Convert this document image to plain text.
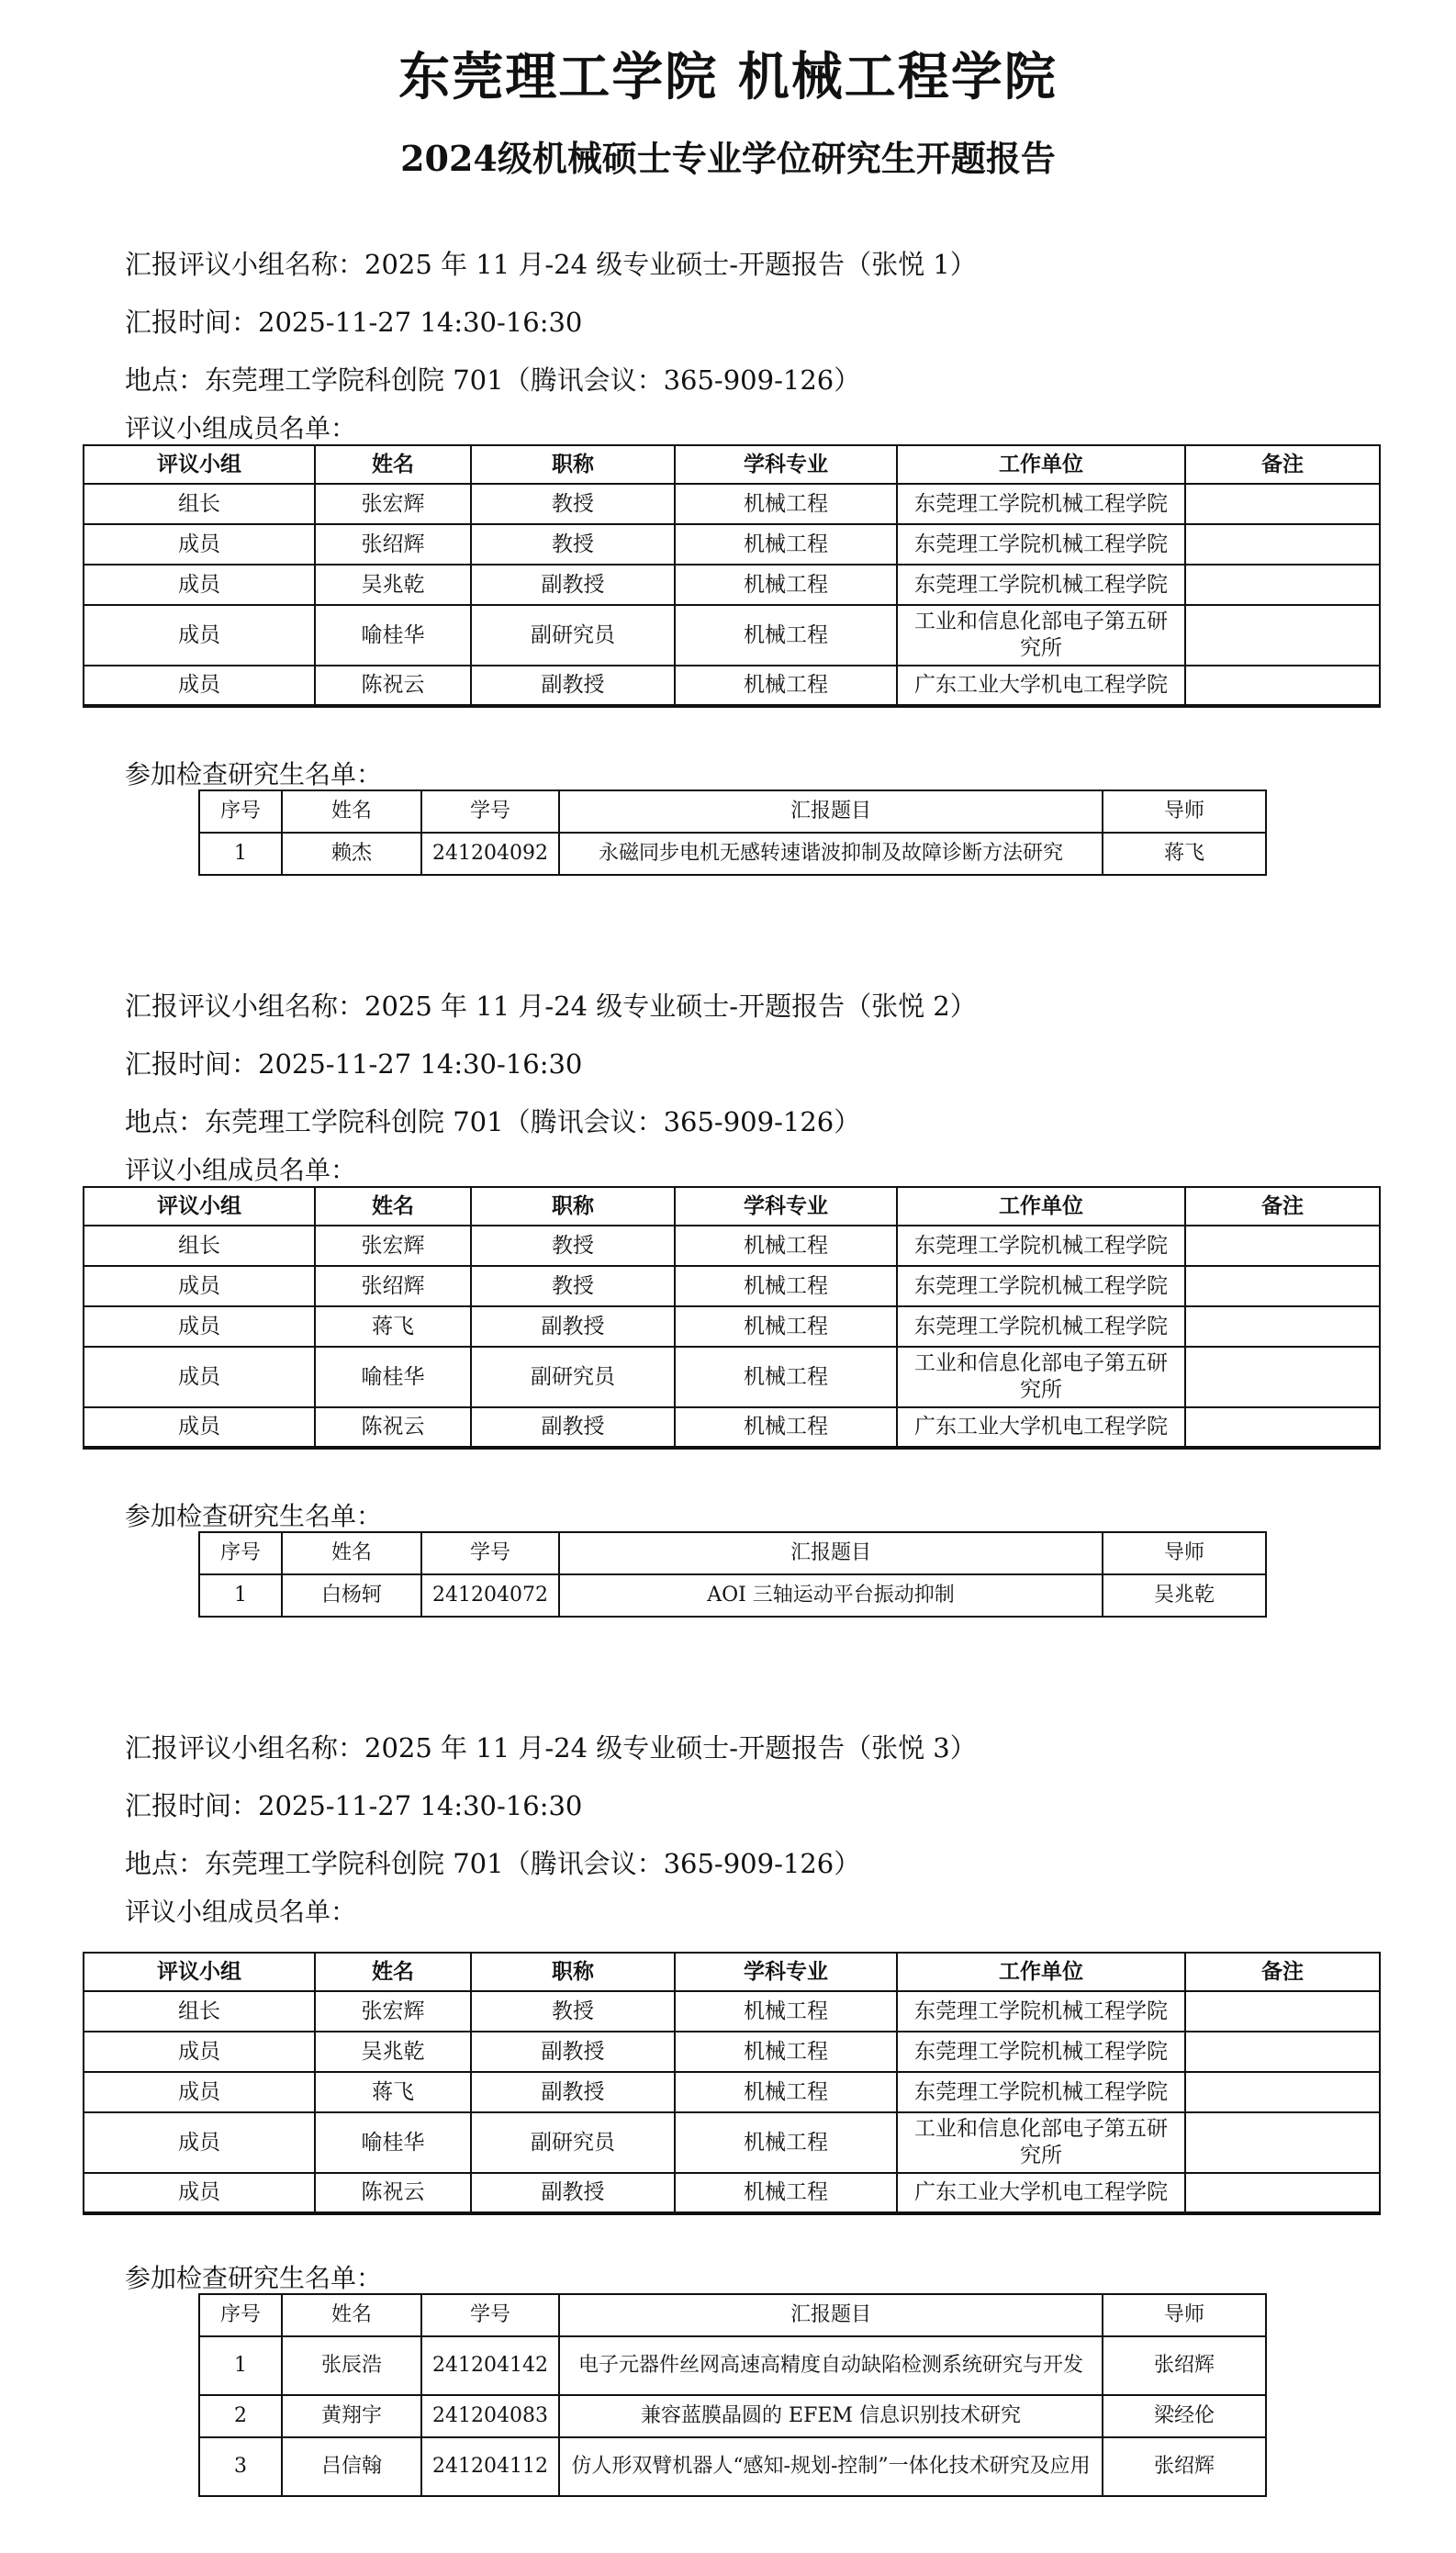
东莞理工学院 机械工程学院
2024级机械硕士专业学位研究生开题报告
汇报评议小组名称：2025 年 11 月-24 级专业硕士-开题报告（张悦 1）
汇报时间：2025-11-27 14:30-16:30
地点：东莞理工学院科创院 701（腾讯会议：365-909-126）
评议小组成员名单：
评议小组	姓名	职称	学科专业	工作单位	备注
组长	张宏辉	教授	机械工程	东莞理工学院机械工程学院	
成员	张绍辉	教授	机械工程	东莞理工学院机械工程学院	
成员	吴兆乾	副教授	机械工程	东莞理工学院机械工程学院	
成员	喻桂华	副研究员	机械工程	工业和信息化部电子第五研究所	
成员	陈祝云	副教授	机械工程	广东工业大学机电工程学院	
参加检查研究生名单：
序号	姓名	学号	汇报题目	导师
1	赖杰	241204092	永磁同步电机无感转速谐波抑制及故障诊断方法研究	蒋飞
汇报评议小组名称：2025 年 11 月-24 级专业硕士-开题报告（张悦 2）
汇报时间：2025-11-27 14:30-16:30
地点：东莞理工学院科创院 701（腾讯会议：365-909-126）
评议小组成员名单：
评议小组	姓名	职称	学科专业	工作单位	备注
组长	张宏辉	教授	机械工程	东莞理工学院机械工程学院	
成员	张绍辉	教授	机械工程	东莞理工学院机械工程学院	
成员	蒋飞	副教授	机械工程	东莞理工学院机械工程学院	
成员	喻桂华	副研究员	机械工程	工业和信息化部电子第五研究所	
成员	陈祝云	副教授	机械工程	广东工业大学机电工程学院	
参加检查研究生名单：
序号	姓名	学号	汇报题目	导师
1	白杨轲	241204072	AOI 三轴运动平台振动抑制	吴兆乾
汇报评议小组名称：2025 年 11 月-24 级专业硕士-开题报告（张悦 3）
汇报时间：2025-11-27 14:30-16:30
地点：东莞理工学院科创院 701（腾讯会议：365-909-126）
评议小组成员名单：
评议小组	姓名	职称	学科专业	工作单位	备注
组长	张宏辉	教授	机械工程	东莞理工学院机械工程学院	
成员	吴兆乾	副教授	机械工程	东莞理工学院机械工程学院	
成员	蒋飞	副教授	机械工程	东莞理工学院机械工程学院	
成员	喻桂华	副研究员	机械工程	工业和信息化部电子第五研究所	
成员	陈祝云	副教授	机械工程	广东工业大学机电工程学院	
参加检查研究生名单：
序号	姓名	学号	汇报题目	导师
1	张辰浩	241204142	电子元器件丝网高速高精度自动缺陷检测系统研究与开发	张绍辉
2	黄翔宇	241204083	兼容蓝膜晶圆的 EFEM 信息识别技术研究	梁经伦
3	吕信翰	241204112	仿人形双臂机器人“感知-规划-控制”一体化技术研究及应用	张绍辉
